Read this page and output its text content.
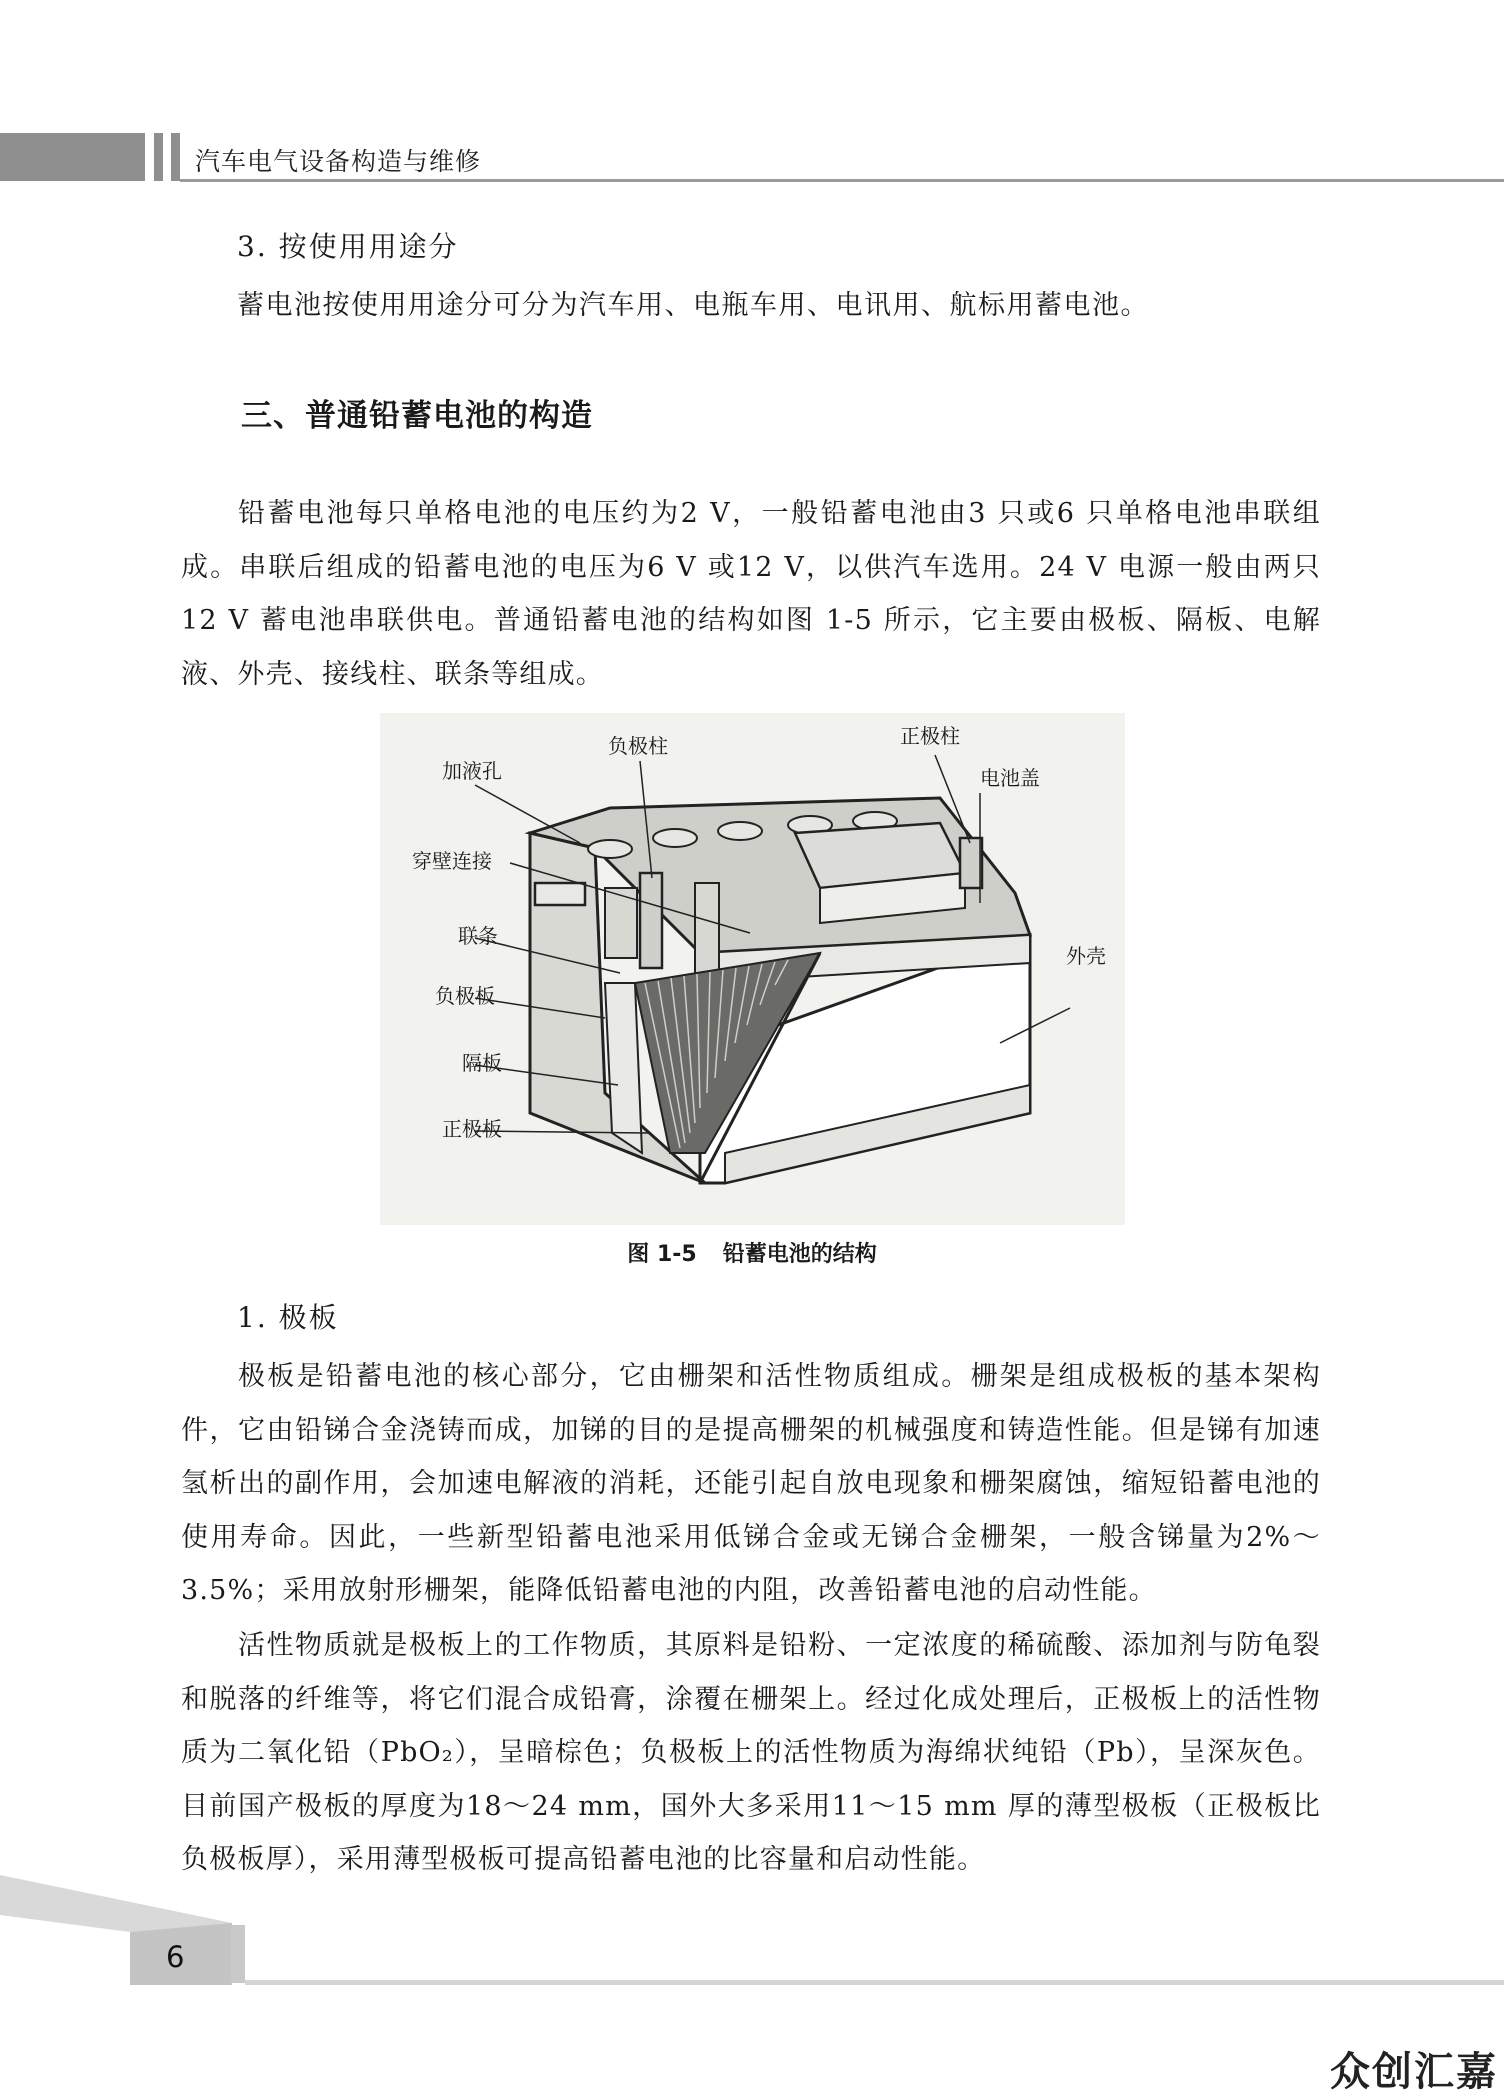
汽车电气设备构造与维修
3. 按使用用途分
蓄电池按使用用途分可分为汽车用、电瓶车用、电讯用、航标用蓄电池。
三、普通铅蓄电池的构造

铅蓄电池每只单格电池的电压约为2 V，一般铅蓄电池由3 只或6 只单格电池串联组成。串联后组成的铅蓄电池的电压为6 V 或12 V，以供汽车选用。24 V 电源一般由两只12 V 蓄电池串联供电。普通铅蓄电池的结构如图 1-5 所示，它主要由极板、隔板、电解液、外壳、接线柱、联条等组成。

加液孔
负极柱	正极柱
电池盖
穿壁连接
联条
外壳
负极板
隔板
正极板
图 1-5 铅蓄电池的结构
1. 极板

极板是铅蓄电池的核心部分，它由栅架和活性物质组成。栅架是组成极板的基本架构件，它由铅锑合金浇铸而成，加锑的目的是提高栅架的机械强度和铸造性能。但是锑有加速氢析出的副作用，会加速电解液的消耗，还能引起自放电现象和栅架腐蚀，缩短铅蓄电池的使用寿命。因此，一些新型铅蓄电池采用低锑合金或无锑合金栅架，一般含锑量为2%～3.5%；采用放射形栅架，能降低铅蓄电池的内阻，改善铅蓄电池的启动性能。

活性物质就是极板上的工作物质，其原料是铅粉、一定浓度的稀硫酸、添加剂与防龟裂和脱落的纤维等，将它们混合成铅膏，涂覆在栅架上。经过化成处理后，正极板上的活性物质为二氧化铅（PbO₂），呈暗棕色；负极板上的活性物质为海绵状纯铅（Pb），呈深灰色。目前国产极板的厚度为18～24 mm，国外大多采用11～15 mm 厚的薄型极板（正极板比负极板厚），采用薄型极板可提高铅蓄电池的比容量和启动性能。

6
众创汇嘉
